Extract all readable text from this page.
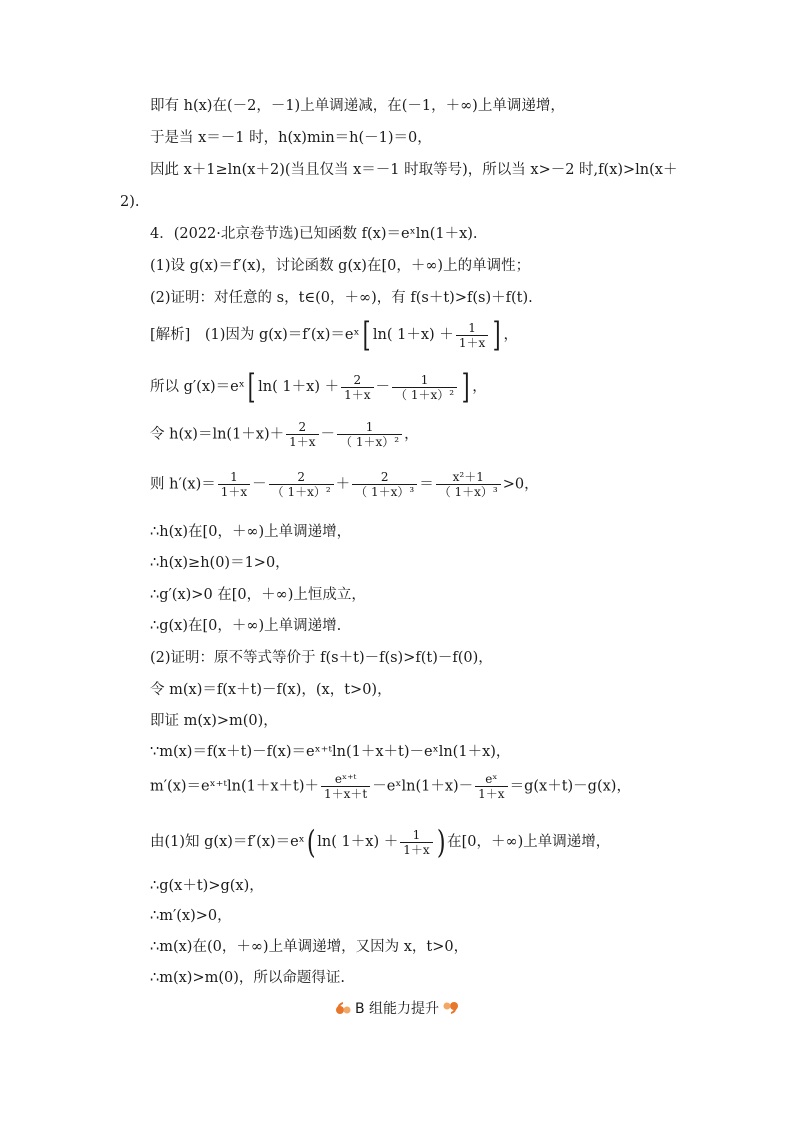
即有 h(x)在(－2，－1)上单调递减，在(－1，＋∞)上单调递增，
于是当 x＝－1 时，h(x)min＝h(－1)＝0，
因此 x＋1≥ln(x＋2)(当且仅当 x＝－1 时取等号)，所以当 x>－2 时,f(x)>ln(x＋
2).
4．(2022·北京卷节选)已知函数 f(x)＝eˣln(1＋x).
(1)设 g(x)＝f′(x)，讨论函数 g(x)在[0，＋∞)上的单调性；
(2)证明：对任意的 s，t∈(0，＋∞)，有 f(s＋t)>f(s)＋f(t).
[解析]　(1)因为 g(x)＝f′(x)＝eˣ[ ln( $1+x) + \frac{1}{1+x}$ ] ，
所以 g′(x)＝eˣ[ ln( $1+x) + \frac{2}{1+x} - \frac{1}{\text{（ 1＋x）²}}$ ] ，
令 $h(x)=\ln(1+x)+ \frac{2}{1+x} - \frac{1}{\text{（ 1＋x）²}}$ ，
则 $h'(x)= \frac{1}{1+x} - \frac{2}{\text{（ 1＋x）²}} + \frac{2}{\text{（ 1＋x）³}} = \frac{\text{x²＋1}}{\text{（ 1＋x）³}} >0$，
∴h(x)在[0，＋∞)上单调递增，
∴h(x)≥h(0)＝1>0，
∴g′(x)>0 在[0，＋∞)上恒成立，
∴g(x)在[0，＋∞)上单调递增.
(2)证明：原不等式等价于 f(s＋t)－f(s)>f(t)－f(0)，
令 m(x)＝f(x＋t)－f(x)，(x，t>0)，
即证 m(x)>m(0)，
∵m(x)＝f(x＋t)－f(x)＝eˣ⁺ᵗln(1＋x＋t)－eˣln(1＋x)，
m′(x)＝eˣ⁺ᵗln(1＋x＋t)＋ $\frac{\text{eˣ⁺ᵗ}}{1+x+t}$ －eˣln(1＋x)－ $\frac{\text{eˣ}}{1+x} =g(x+t)-g(x)$，
由(1)知 g(x)＝f′(x)＝eˣ( ln( $1+x) + \frac{1}{1+x}$ ) 在[0，＋∞)上单调递增，
∴g(x＋t)>g(x)，
∴m′(x)>0，
∴m(x)在(0，＋∞)上单调递增，又因为 x，t>0，
∴m(x)>m(0)，所以命题得证.
B 组能力提升
